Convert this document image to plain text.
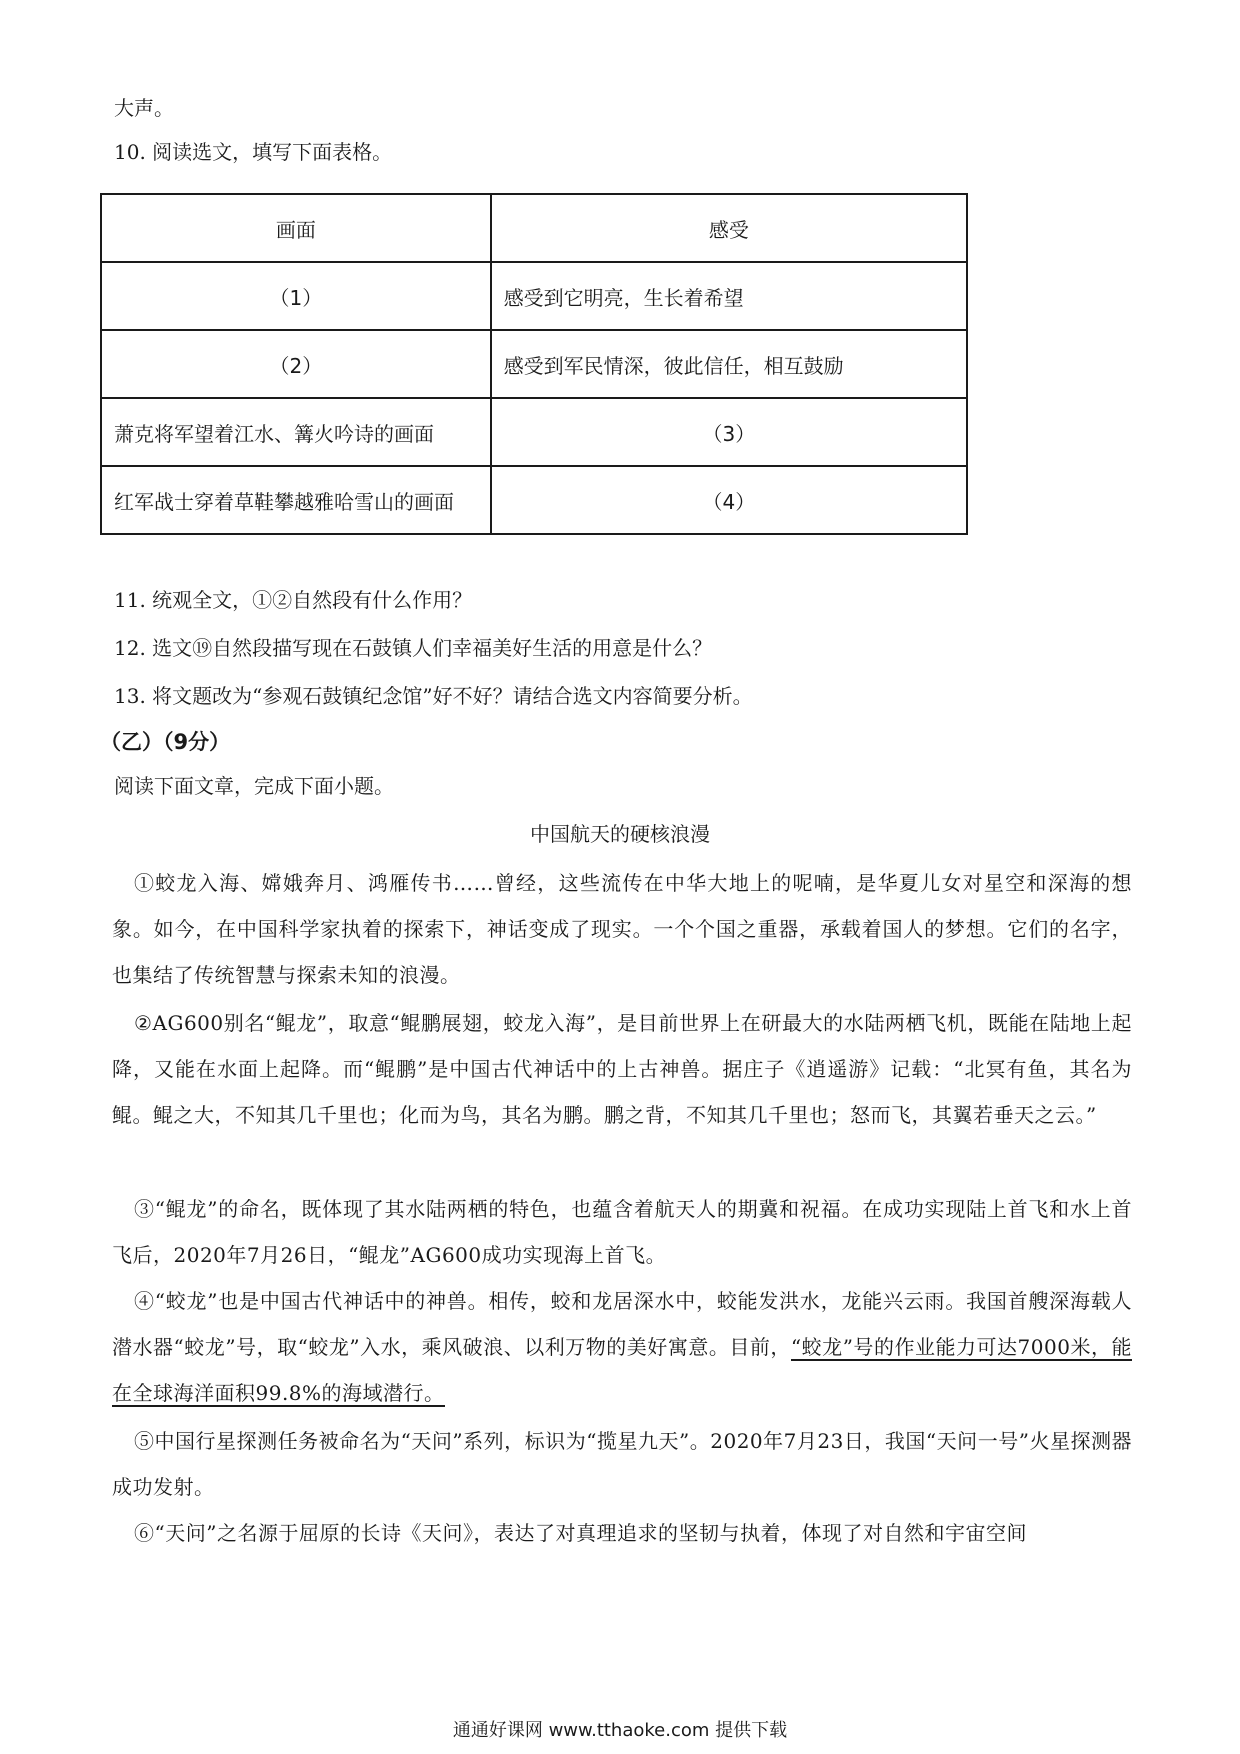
大声。
10. 阅读选文，填写下面表格。
画面	感受
（1）	感受到它明亮，生长着希望
（2）	感受到军民情深，彼此信任，相互鼓励
萧克将军望着江水、篝火吟诗的画面	（3）
红军战士穿着草鞋攀越雅哈雪山的画面	（4）
11. 统观全文，①②自然段有什么作用？
12. 选文⑲自然段描写现在石鼓镇人们幸福美好生活的用意是什么？
13. 将文题改为“参观石鼓镇纪念馆”好不好？请结合选文内容简要分析。
（乙）（9分）
阅读下面文章，完成下面小题。
中国航天的硬核浪漫
①蛟龙入海、嫦娥奔月、鸿雁传书……曾经，这些流传在中华大地上的呢喃，是华夏儿女对星空和深海的想象。如今，在中国科学家执着的探索下，神话变成了现实。一个个国之重器，承载着国人的梦想。它们的名字，也集结了传统智慧与探索未知的浪漫。
②AG600别名“鲲龙”，取意“鲲鹏展翅，蛟龙入海”，是目前世界上在研最大的水陆两栖飞机，既能在陆地上起降，又能在水面上起降。而“鲲鹏”是中国古代神话中的上古神兽。据庄子《逍遥游》记载：“北冥有鱼，其名为鲲。鲲之大，不知其几千里也；化而为鸟，其名为鹏。鹏之背，不知其几千里也；怒而飞，其翼若垂天之云。”
③“鲲龙”的命名，既体现了其水陆两栖的特色，也蕴含着航天人的期冀和祝福。在成功实现陆上首飞和水上首飞后，2020年7月26日，“鲲龙”AG600成功实现海上首飞。
④“蛟龙”也是中国古代神话中的神兽。相传，蛟和龙居深水中，蛟能发洪水，龙能兴云雨。我国首艘深海载人潜水器“蛟龙”号，取“蛟龙”入水，乘风破浪、以利万物的美好寓意。目前，“蛟龙”号的作业能力可达7000米，能在全球海洋面积99.8%的海域潜行。
⑤中国行星探测任务被命名为“天问”系列，标识为“揽星九天”。2020年7月23日，我国“天问一号”火星探测器成功发射。
⑥“天问”之名源于屈原的长诗《天问》，表达了对真理追求的坚韧与执着，体现了对自然和宇宙空间
通通好课网 www.tthaoke.com 提供下载
